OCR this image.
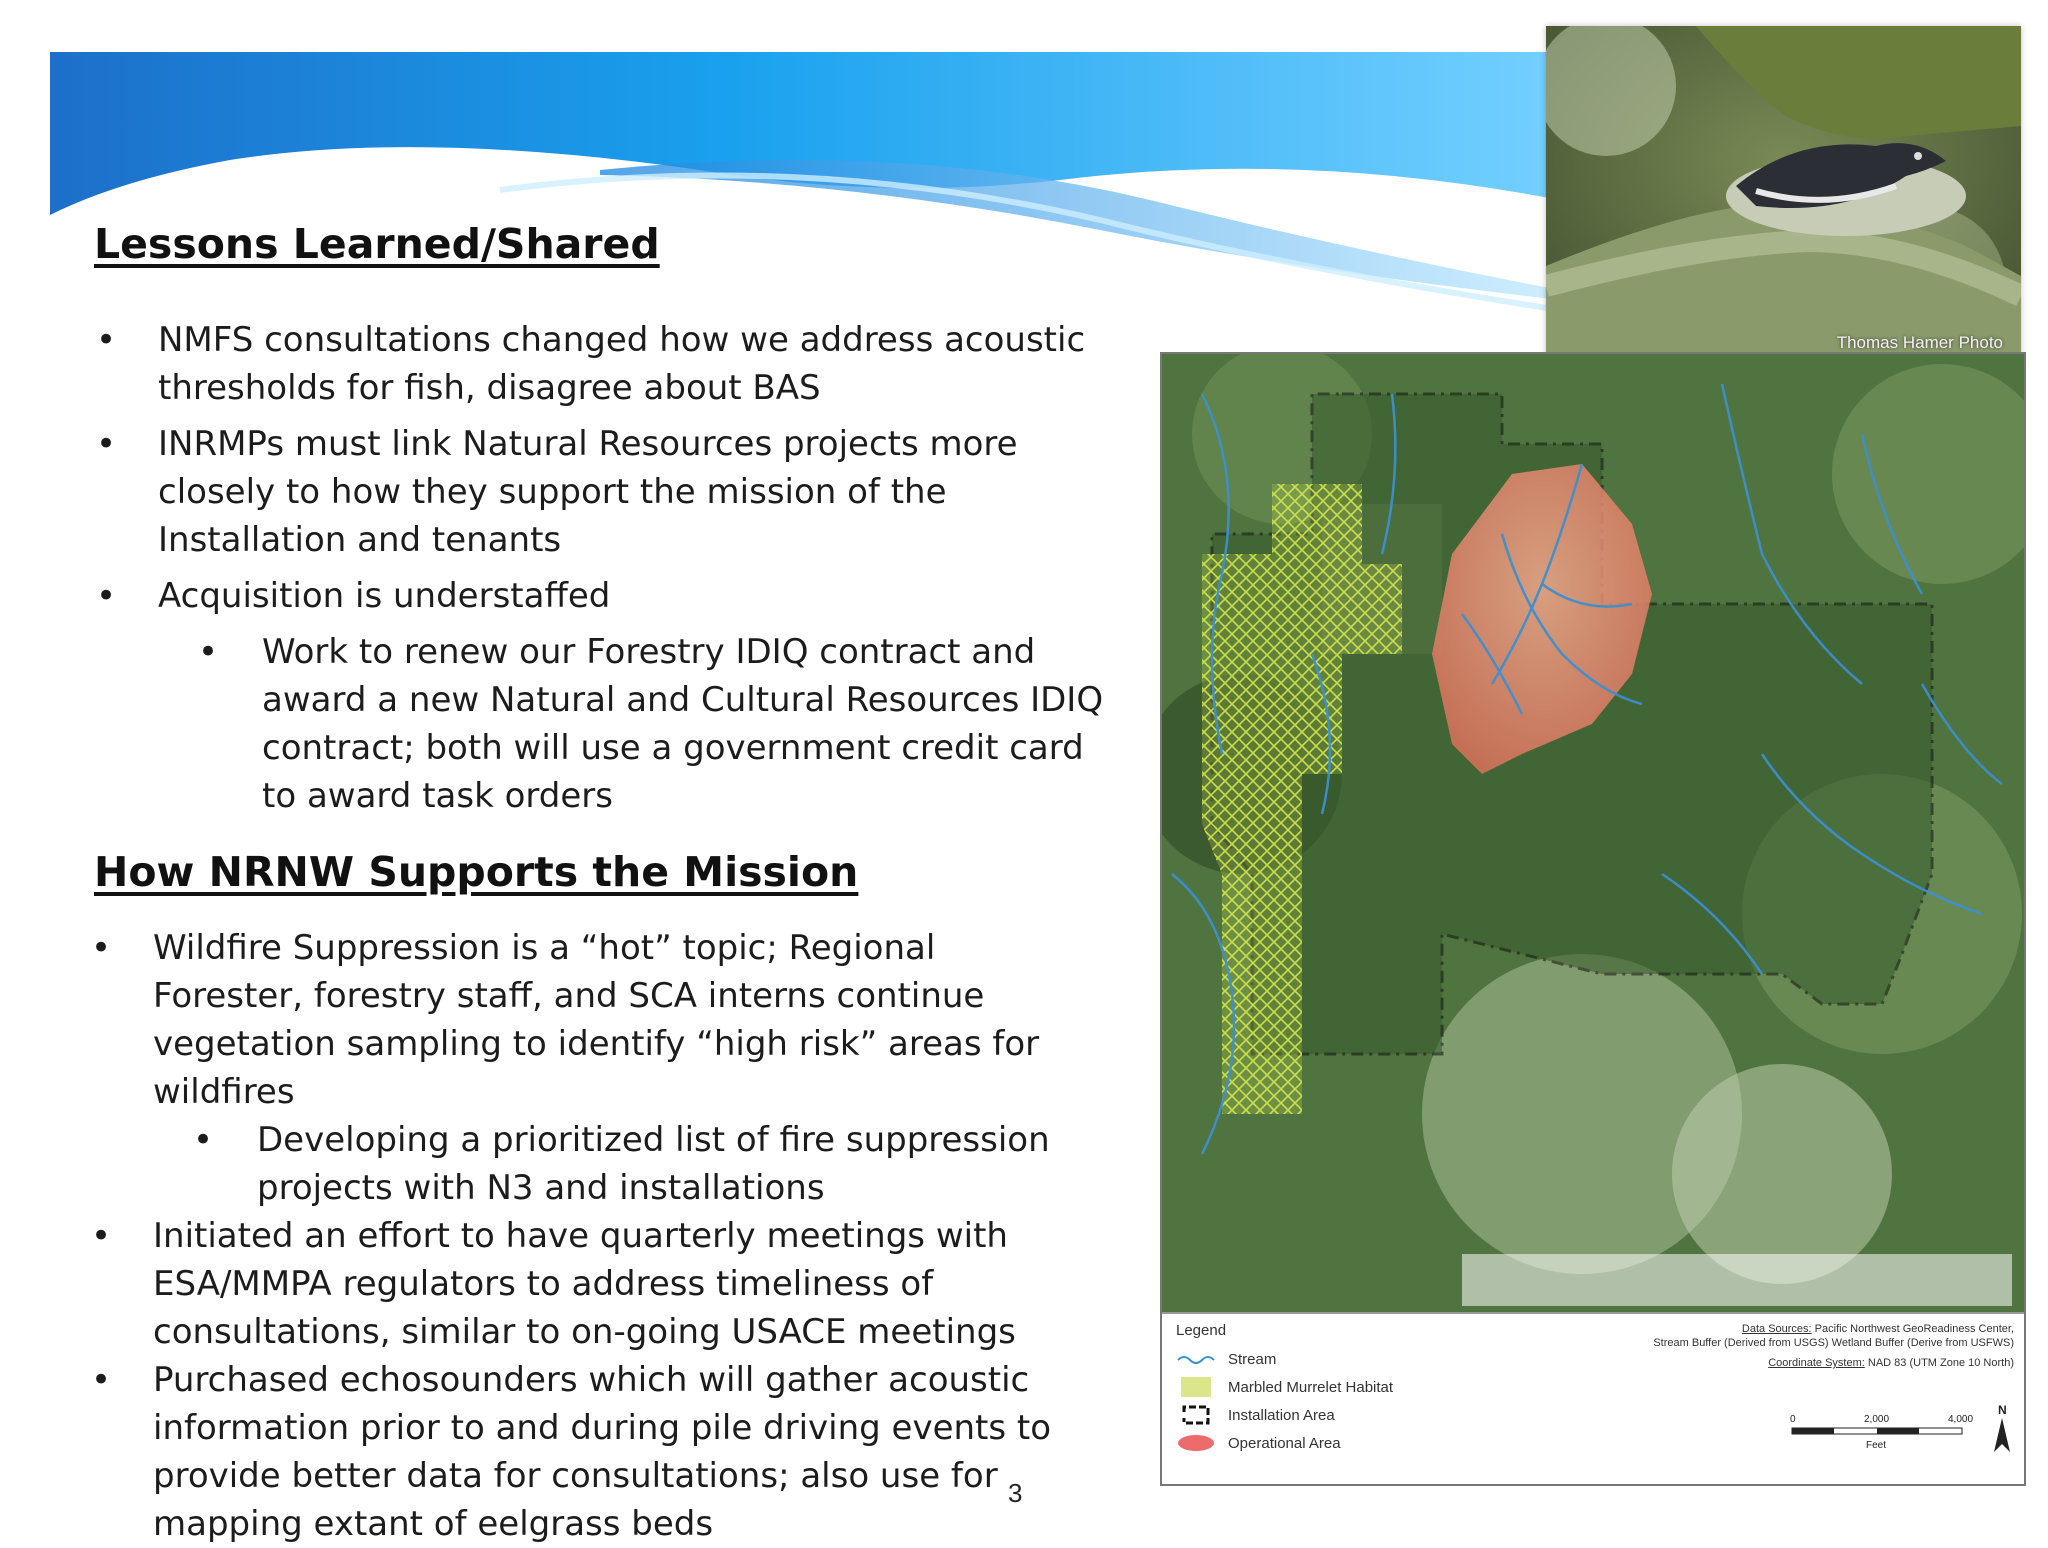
Lessons Learned/Shared
• NMFS consultations changed how we address acoustic thresholds for fish, disagree about BAS
• INRMPs must link Natural Resources projects more closely to how they support the mission of the Installation and tenants
• Acquisition is understaffed
• Work to renew our Forestry IDIQ contract and award a new Natural and Cultural Resources IDIQ contract; both will use a government credit card to award task orders
How NRNW Supports the Mission
• Wildfire Suppression is a “hot” topic; Regional Forester, forestry staff, and SCA interns continue vegetation sampling to identify “high risk” areas for wildfires
• Developing a prioritized list of fire suppression projects with N3 and installations
• Initiated an effort to have quarterly meetings with ESA/MMPA regulators to address timeliness of consultations, similar to on-going USACE meetings
• Purchased echosounders which will gather acoustic information prior to and during pile driving events to provide better data for consultations; also use for mapping extant of eelgrass beds
3
Thomas Hamer Photo
Legend
Stream
Marbled Murrelet Habitat
Installation Area
Operational Area
Data Sources: Pacific Northwest GeoReadiness Center,
Stream Buffer (Derived from USGS) Wetland Buffer (Derive from USFWS)
Coordinate System: NAD 83 (UTM Zone 10 North)
0	2,000	4,000
Feet
N
